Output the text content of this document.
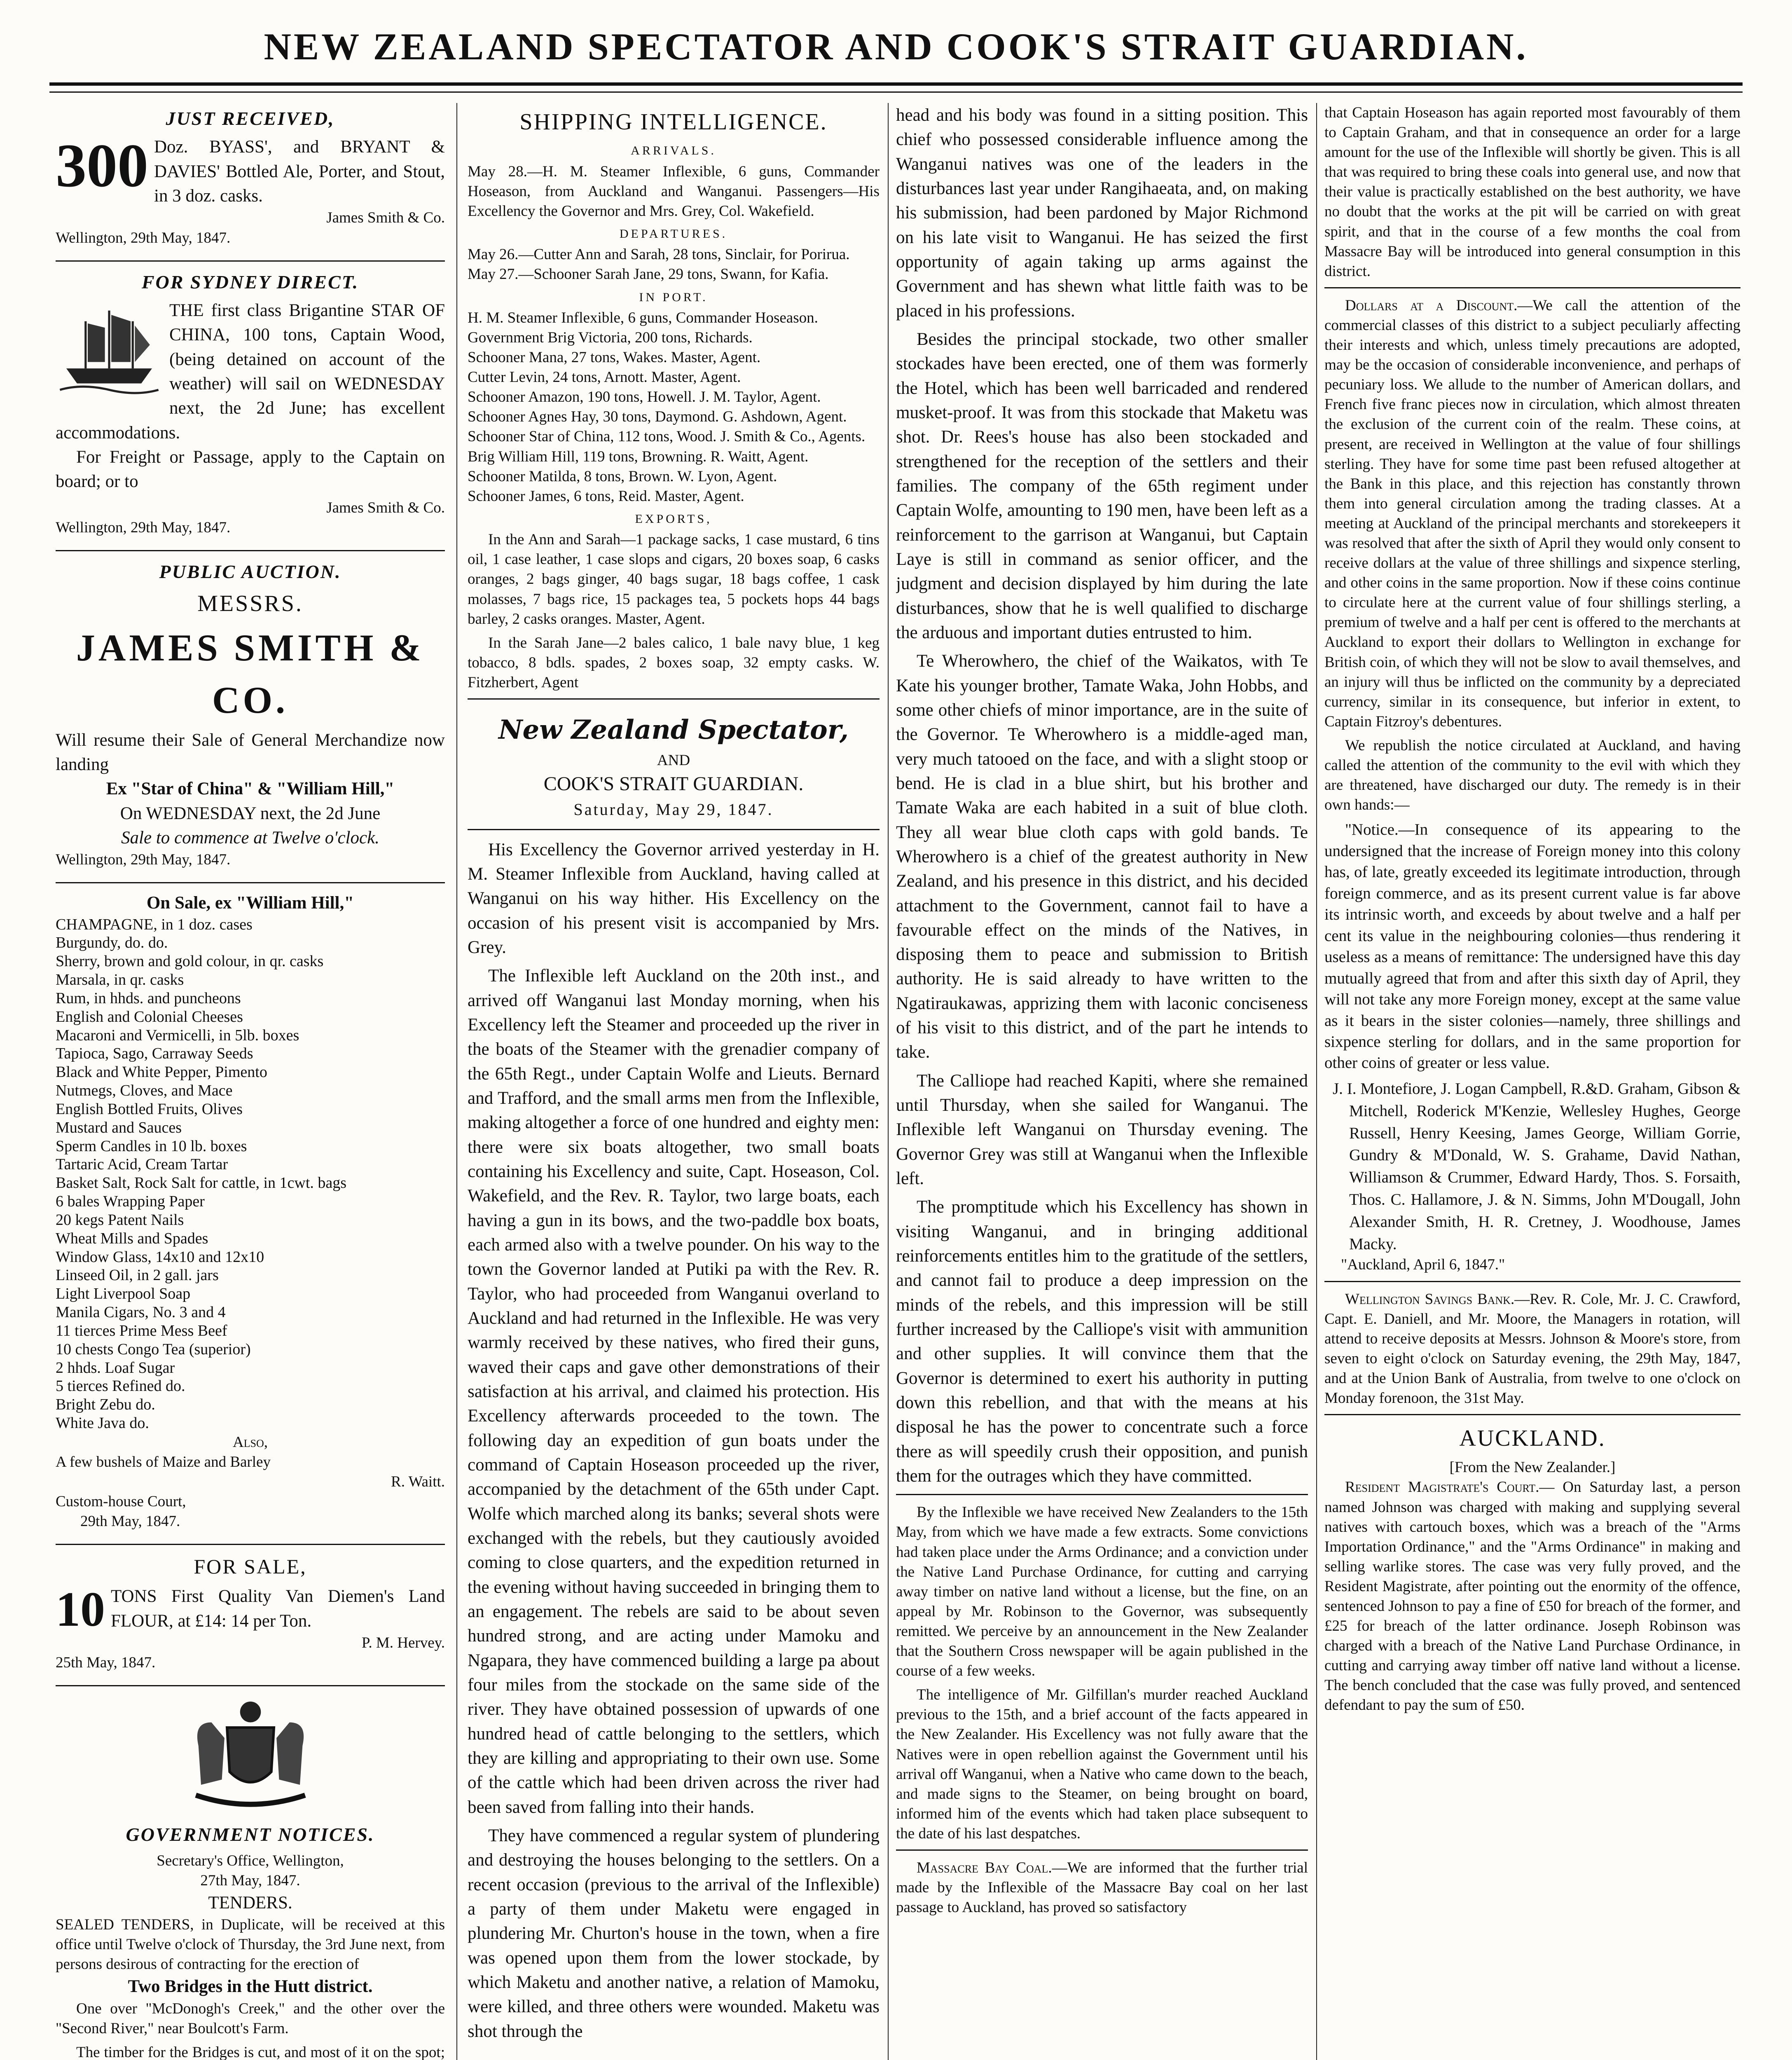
NEW ZEALAND SPECTATOR AND COOK'S STRAIT GUARDIAN.
JUST RECEIVED,
300 Doz. BYASS', and BRYANT & DAVIES' Bottled Ale, Porter, and Stout, in 3 doz. casks.
James Smith & Co.
Wellington, 29th May, 1847.
FOR SYDNEY DIRECT.
THE first class Brigantine STAR OF CHINA, 100 tons, Captain Wood, (being detained on account of the weather) will sail on WEDNESDAY next, the 2d June; has excellent accommodations.
For Freight or Passage, apply to the Captain on board; or to
James Smith & Co.
Wellington, 29th May, 1847.
PUBLIC AUCTION.
MESSRS.
JAMES SMITH & CO.
Will resume their Sale of General Merchandize now landing
Ex "Star of China" & "William Hill,"
On WEDNESDAY next, the 2d June
Sale to commence at Twelve o'clock.
Wellington, 29th May, 1847.
On Sale, ex "William Hill,"
CHAMPAGNE, in 1 doz. cases
Burgundy, do. do.
Sherry, brown and gold colour, in qr. casks
Marsala, in qr. casks
Rum, in hhds. and puncheons
English and Colonial Cheeses
Macaroni and Vermicelli, in 5lb. boxes
Tapioca, Sago, Carraway Seeds
Black and White Pepper, Pimento
Nutmegs, Cloves, and Mace
English Bottled Fruits, Olives
Mustard and Sauces
Sperm Candles in 10 lb. boxes
Tartaric Acid, Cream Tartar
Basket Salt, Rock Salt for cattle, in 1cwt. bags
6 bales Wrapping Paper
20 kegs Patent Nails
Wheat Mills and Spades
Window Glass, 14x10 and 12x10
Linseed Oil, in 2 gall. jars
Light Liverpool Soap
Manila Cigars, No. 3 and 4
11 tierces Prime Mess Beef
10 chests Congo Tea (superior)
2 hhds. Loaf Sugar
5 tierces Refined do.
Bright Zebu do.
White Java do.
Also,
A few bushels of Maize and Barley
R. Waitt.
Custom-house Court,
29th May, 1847.
FOR SALE,
10 TONS First Quality Van Diemen's Land FLOUR, at £14: 14 per Ton.
P. M. Hervey.
25th May, 1847.
GOVERNMENT NOTICES.
Secretary's Office, Wellington,
27th May, 1847.
TENDERS.
SEALED TENDERS, in Duplicate, will be received at this office until Twelve o'clock of Thursday, the 3rd June next, from persons desirous of contracting for the erection of
Two Bridges in the Hutt district.
One over "McDonogh's Creek," and the other over the "Second River," near Boulcott's Farm.
The timber for the Bridges is cut, and most of it on the spot;
SHIPPING INTELLIGENCE.
ARRIVALS.
May 28.—H. M. Steamer Inflexible, 6 guns, Commander Hoseason, from Auckland and Wanganui. Passengers—His Excellency the Governor and Mrs. Grey, Col. Wakefield.
DEPARTURES.
May 26.—Cutter Ann and Sarah, 28 tons, Sinclair, for Porirua.
May 27.—Schooner Sarah Jane, 29 tons, Swann, for Kafia.
IN PORT.
H. M. Steamer Inflexible, 6 guns, Commander Hoseason.
Government Brig Victoria, 200 tons, Richards.
Schooner Mana, 27 tons, Wakes. Master, Agent.
Cutter Levin, 24 tons, Arnott. Master, Agent.
Schooner Amazon, 190 tons, Howell. J. M. Taylor, Agent.
Schooner Agnes Hay, 30 tons, Daymond. G. Ashdown, Agent.
Schooner Star of China, 112 tons, Wood. J. Smith & Co., Agents.
Brig William Hill, 119 tons, Browning. R. Waitt, Agent.
Schooner Matilda, 8 tons, Brown. W. Lyon, Agent.
Schooner James, 6 tons, Reid. Master, Agent.
EXPORTS,
In the Ann and Sarah—1 package sacks, 1 case mustard, 6 tins oil, 1 case leather, 1 case slops and cigars, 20 boxes soap, 6 casks oranges, 2 bags ginger, 40 bags sugar, 18 bags coffee, 1 cask molasses, 7 bags rice, 15 packages tea, 5 pockets hops 44 bags barley, 2 casks oranges. Master, Agent.
In the Sarah Jane—2 bales calico, 1 bale navy blue, 1 keg tobacco, 8 bdls. spades, 2 boxes soap, 32 empty casks. W. Fitzherbert, Agent
New Zealand Spectator,
AND
COOK'S STRAIT GUARDIAN.
Saturday, May 29, 1847.
His Excellency the Governor arrived yesterday in H. M. Steamer Inflexible from Auckland, having called at Wanganui on his way hither. His Excellency on the occasion of his present visit is accompanied by Mrs. Grey.
The Inflexible left Auckland on the 20th inst., and arrived off Wanganui last Monday morning, when his Excellency left the Steamer and proceeded up the river in the boats of the Steamer with the grenadier company of the 65th Regt., under Captain Wolfe and Lieuts. Bernard and Trafford, and the small arms men from the Inflexible, making altogether a force of one hundred and eighty men: there were six boats altogether, two small boats containing his Excellency and suite, Capt. Hoseason, Col. Wakefield, and the Rev. R. Taylor, two large boats, each having a gun in its bows, and the two-paddle box boats, each armed also with a twelve pounder. On his way to the town the Governor landed at Putiki pa with the Rev. R. Taylor, who had proceeded from Wanganui overland to Auckland and had returned in the Inflexible. He was very warmly received by these natives, who fired their guns, waved their caps and gave other demonstrations of their satisfaction at his arrival, and claimed his protection. His Excellency afterwards proceeded to the town. The following day an expedition of gun boats under the command of Captain Hoseason proceeded up the river, accompanied by the detachment of the 65th under Capt. Wolfe which marched along its banks; several shots were exchanged with the rebels, but they cautiously avoided coming to close quarters, and the expedition returned in the evening without having succeeded in bringing them to an engagement. The rebels are said to be about seven hundred strong, and are acting under Mamoku and Ngapara, they have commenced building a large pa about four miles from the stockade on the same side of the river. They have obtained possession of upwards of one hundred head of cattle belonging to the settlers, which they are killing and appropriating to their own use. Some of the cattle which had been driven across the river had been saved from falling into their hands.
They have commenced a regular system of plundering and destroying the houses belonging to the settlers. On a recent occasion (previous to the arrival of the Inflexible) a party of them under Maketu were engaged in plundering Mr. Churton's house in the town, when a fire was opened upon them from the lower stockade, by which Maketu and another native, a relation of Mamoku, were killed, and three others were wounded. Maketu was shot through the
head and his body was found in a sitting position. This chief who possessed considerable influence among the Wanganui natives was one of the leaders in the disturbances last year under Rangihaeata, and, on making his submission, had been pardoned by Major Richmond on his late visit to Wanganui. He has seized the first opportunity of again taking up arms against the Government and has shewn what little faith was to be placed in his professions.
Besides the principal stockade, two other smaller stockades have been erected, one of them was formerly the Hotel, which has been well barricaded and rendered musket-proof. It was from this stockade that Maketu was shot. Dr. Rees's house has also been stockaded and strengthened for the reception of the settlers and their families. The company of the 65th regiment under Captain Wolfe, amounting to 190 men, have been left as a reinforcement to the garrison at Wanganui, but Captain Laye is still in command as senior officer, and the judgment and decision displayed by him during the late disturbances, show that he is well qualified to discharge the arduous and important duties entrusted to him.
Te Wherowhero, the chief of the Waikatos, with Te Kate his younger brother, Tamate Waka, John Hobbs, and some other chiefs of minor importance, are in the suite of the Governor. Te Wherowhero is a middle-aged man, very much tatooed on the face, and with a slight stoop or bend. He is clad in a blue shirt, but his brother and Tamate Waka are each habited in a suit of blue cloth. They all wear blue cloth caps with gold bands. Te Wherowhero is a chief of the greatest authority in New Zealand, and his presence in this district, and his decided attachment to the Government, cannot fail to have a favourable effect on the minds of the Natives, in disposing them to peace and submission to British authority. He is said already to have written to the Ngatiraukawas, apprizing them with laconic conciseness of his visit to this district, and of the part he intends to take.
The Calliope had reached Kapiti, where she remained until Thursday, when she sailed for Wanganui. The Inflexible left Wanganui on Thursday evening. The Governor Grey was still at Wanganui when the Inflexible left.
The promptitude which his Excellency has shown in visiting Wanganui, and in bringing additional reinforcements entitles him to the gratitude of the settlers, and cannot fail to produce a deep impression on the minds of the rebels, and this impression will be still further increased by the Calliope's visit with ammunition and other supplies. It will convince them that the Governor is determined to exert his authority in putting down this rebellion, and that with the means at his disposal he has the power to concentrate such a force there as will speedily crush their opposition, and punish them for the outrages which they have committed.
By the Inflexible we have received New Zealanders to the 15th May, from which we have made a few extracts. Some convictions had taken place under the Arms Ordinance; and a conviction under the Native Land Purchase Ordinance, for cutting and carrying away timber on native land without a license, but the fine, on an appeal by Mr. Robinson to the Governor, was subsequently remitted. We perceive by an announcement in the New Zealander that the Southern Cross newspaper will be again published in the course of a few weeks.
The intelligence of Mr. Gilfillan's murder reached Auckland previous to the 15th, and a brief account of the facts appeared in the New Zealander. His Excellency was not fully aware that the Natives were in open rebellion against the Government until his arrival off Wanganui, when a Native who came down to the beach, and made signs to the Steamer, on being brought on board, informed him of the events which had taken place subsequent to the date of his last despatches.
Massacre Bay Coal.—We are informed that the further trial made by the Inflexible of the Massacre Bay coal on her last passage to Auckland, has proved so satisfactory
that Captain Hoseason has again reported most favourably of them to Captain Graham, and that in consequence an order for a large amount for the use of the Inflexible will shortly be given. This is all that was required to bring these coals into general use, and now that their value is practically established on the best authority, we have no doubt that the works at the pit will be carried on with great spirit, and that in the course of a few months the coal from Massacre Bay will be introduced into general consumption in this district.
Dollars at a Discount.—We call the attention of the commercial classes of this district to a subject peculiarly affecting their interests and which, unless timely precautions are adopted, may be the occasion of considerable inconvenience, and perhaps of pecuniary loss. We allude to the number of American dollars, and French five franc pieces now in circulation, which almost threaten the exclusion of the current coin of the realm. These coins, at present, are received in Wellington at the value of four shillings sterling. They have for some time past been refused altogether at the Bank in this place, and this rejection has constantly thrown them into general circulation among the trading classes. At a meeting at Auckland of the principal merchants and storekeepers it was resolved that after the sixth of April they would only consent to receive dollars at the value of three shillings and sixpence sterling, and other coins in the same proportion. Now if these coins continue to circulate here at the current value of four shillings sterling, a premium of twelve and a half per cent is offered to the merchants at Auckland to export their dollars to Wellington in exchange for British coin, of which they will not be slow to avail themselves, and an injury will thus be inflicted on the community by a depreciated currency, similar in its consequence, but inferior in extent, to Captain Fitzroy's debentures.
We republish the notice circulated at Auckland, and having called the attention of the community to the evil with which they are threatened, have discharged our duty. The remedy is in their own hands:—
"Notice.—In consequence of its appearing to the undersigned that the increase of Foreign money into this colony has, of late, greatly exceeded its legitimate introduction, through foreign commerce, and as its present current value is far above its intrinsic worth, and exceeds by about twelve and a half per cent its value in the neighbouring colonies—thus rendering it useless as a means of remittance: The undersigned have this day mutually agreed that from and after this sixth day of April, they will not take any more Foreign money, except at the same value as it bears in the sister colonies—namely, three shillings and sixpence sterling for dollars, and in the same proportion for other coins of greater or less value.
J. I. Montefiore, J. Logan Campbell, R.&D. Graham, Gibson & Mitchell, Roderick M'Kenzie, Wellesley Hughes, George Russell, Henry Keesing, James George, William Gorrie, Gundry & M'Donald, W. S. Grahame, David Nathan, Williamson & Crummer, Edward Hardy, Thos. S. Forsaith, Thos. C. Hallamore, J. & N. Simms, John M'Dougall, John Alexander Smith, H. R. Cretney, J. Woodhouse, James Macky.
"Auckland, April 6, 1847."
Wellington Savings Bank.—Rev. R. Cole, Mr. J. C. Crawford, Capt. E. Daniell, and Mr. Moore, the Managers in rotation, will attend to receive deposits at Messrs. Johnson & Moore's store, from seven to eight o'clock on Saturday evening, the 29th May, 1847, and at the Union Bank of Australia, from twelve to one o'clock on Monday forenoon, the 31st May.
AUCKLAND.
[From the New Zealander.]
Resident Magistrate's Court.— On Saturday last, a person named Johnson was charged with making and supplying several natives with cartouch boxes, which was a breach of the "Arms Importation Ordinance," and the "Arms Ordinance" in making and selling warlike stores. The case was very fully proved, and the Resident Magistrate, after pointing out the enormity of the offence, sentenced Johnson to pay a fine of £50 for breach of the former, and £25 for breach of the latter ordinance. Joseph Robinson was charged with a breach of the Native Land Purchase Ordinance, in cutting and carrying away timber off native land without a license. The bench concluded that the case was fully proved, and sentenced defendant to pay the sum of £50.
